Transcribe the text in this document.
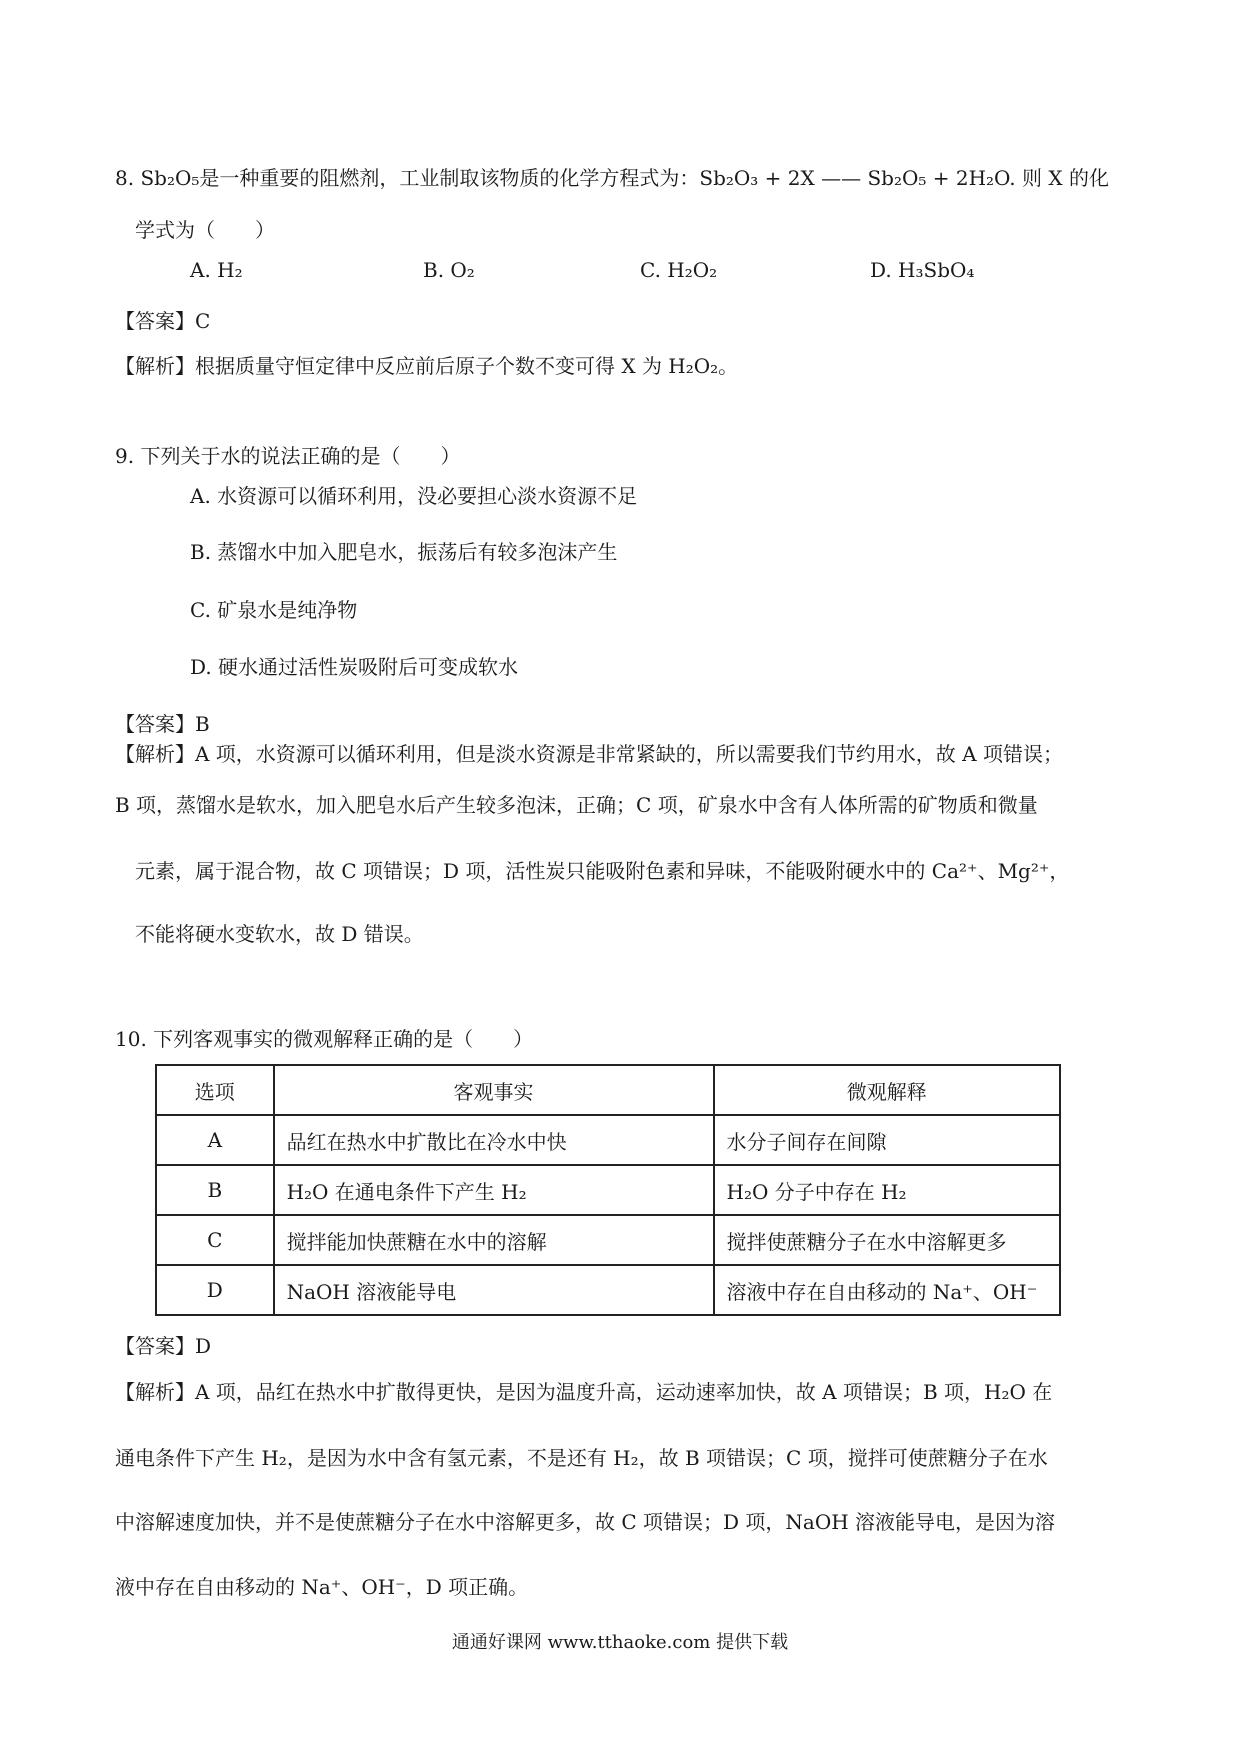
8. Sb₂O₅是一种重要的阻燃剂，工业制取该物质的化学方程式为：Sb₂O₃ + 2X —— Sb₂O₅ + 2H₂O. 则 X 的化
学式为（　　）
A. H₂	B. O₂	C. H₂O₂	D. H₃SbO₄
【答案】C
【解析】根据质量守恒定律中反应前后原子个数不变可得 X 为 H₂O₂。
9. 下列关于水的说法正确的是（　　）
A. 水资源可以循环利用，没必要担心淡水资源不足
B. 蒸馏水中加入肥皂水，振荡后有较多泡沫产生
C. 矿泉水是纯净物
D. 硬水通过活性炭吸附后可变成软水
【答案】B
【解析】A 项，水资源可以循环利用，但是淡水资源是非常紧缺的，所以需要我们节约用水，故 A 项错误；
B 项，蒸馏水是软水，加入肥皂水后产生较多泡沫，正确；C 项，矿泉水中含有人体所需的矿物质和微量
元素，属于混合物，故 C 项错误；D 项，活性炭只能吸附色素和异味，不能吸附硬水中的 Ca²⁺、Mg²⁺，
不能将硬水变软水，故 D 错误。
10. 下列客观事实的微观解释正确的是（　　）
选项	客观事实	微观解释
A	品红在热水中扩散比在冷水中快	水分子间存在间隙
B	H₂O 在通电条件下产生 H₂	H₂O 分子中存在 H₂
C	搅拌能加快蔗糖在水中的溶解	搅拌使蔗糖分子在水中溶解更多
D	NaOH 溶液能导电	溶液中存在自由移动的 Na⁺、OH⁻
【答案】D
【解析】A 项，品红在热水中扩散得更快，是因为温度升高，运动速率加快，故 A 项错误；B 项，H₂O 在
通电条件下产生 H₂，是因为水中含有氢元素，不是还有 H₂，故 B 项错误；C 项，搅拌可使蔗糖分子在水
中溶解速度加快，并不是使蔗糖分子在水中溶解更多，故 C 项错误；D 项，NaOH 溶液能导电，是因为溶
液中存在自由移动的 Na⁺、OH⁻，D 项正确。
通通好课网 www.tthaoke.com 提供下载
